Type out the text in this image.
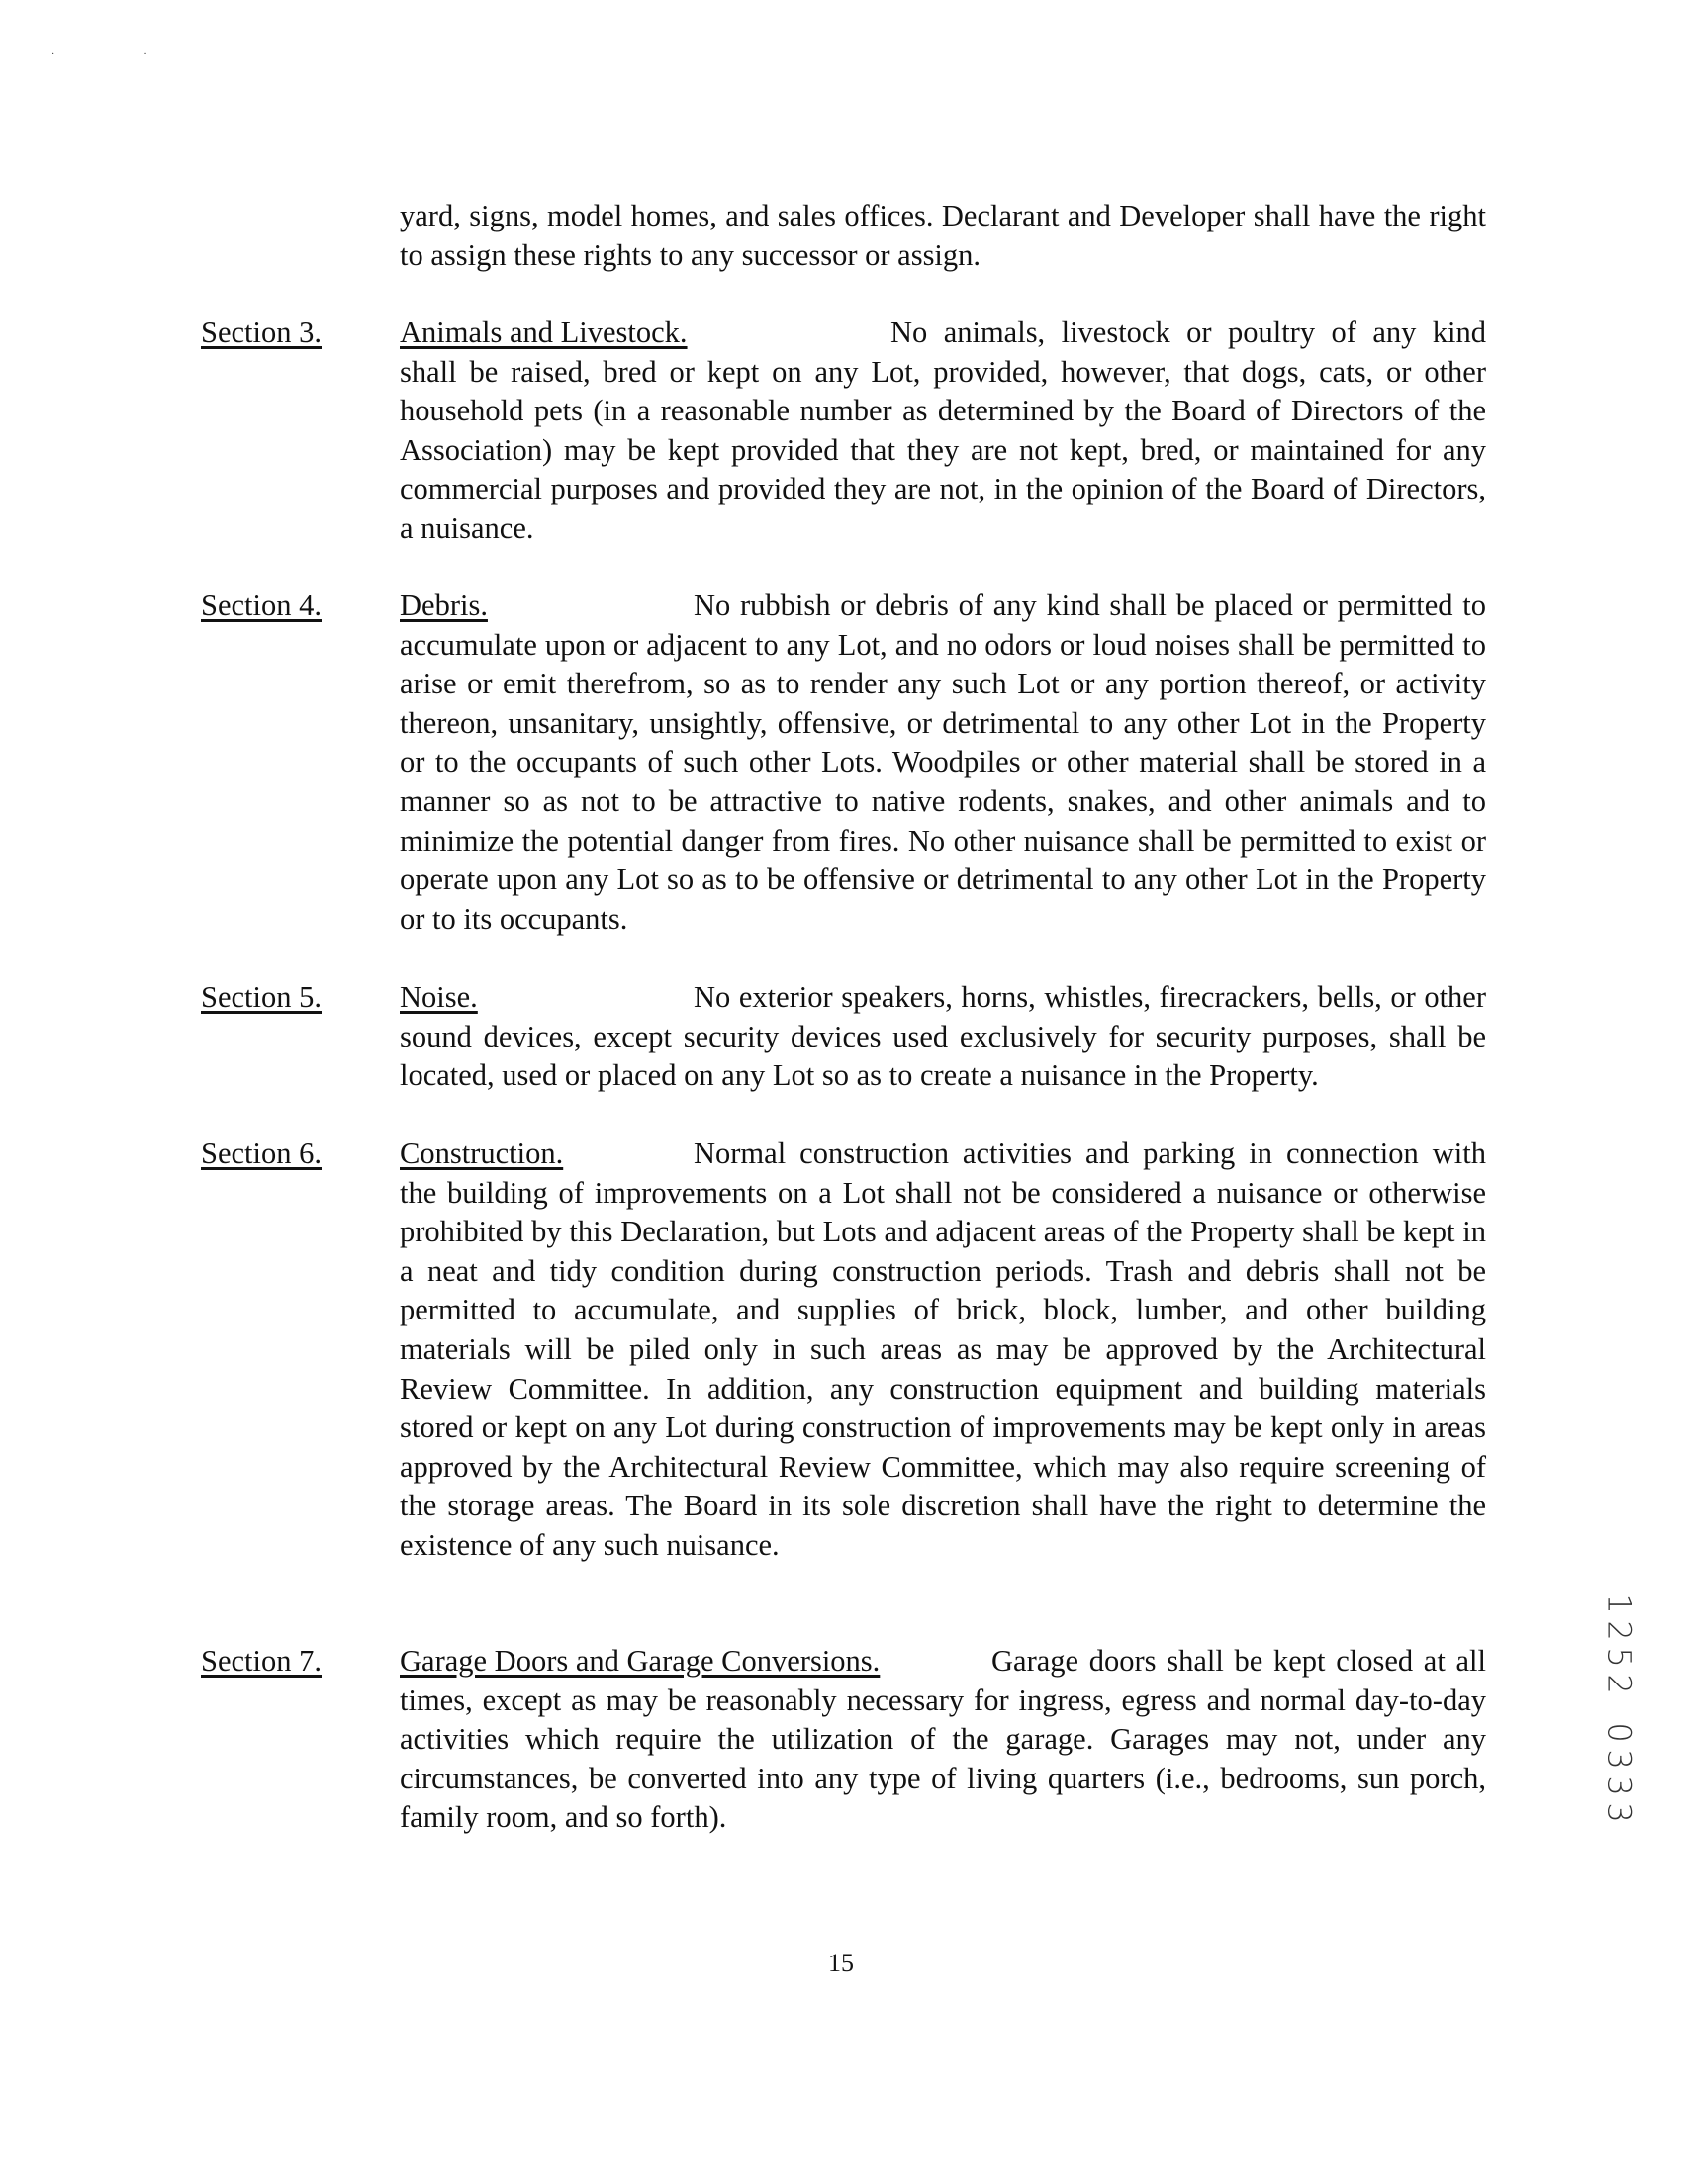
··

yard, signs, model homes, and sales offices. Declarant and Developer shall have the right to assign these rights to any successor or assign.

Section 3.	Animals and Livestock.	No animals, livestock or poultry of any kind shall be raised, bred or kept on any Lot, provided, however, that dogs, cats, or other household pets (in a reasonable number as determined by the Board of Directors of the Association) may be kept provided that they are not kept, bred, or maintained for any commercial purposes and provided they are not, in the opinion of the Board of Directors, a nuisance.

Section 4.	Debris.	No rubbish or debris of any kind shall be placed or permitted to accumulate upon or adjacent to any Lot, and no odors or loud noises shall be permitted to arise or emit therefrom, so as to render any such Lot or any portion thereof, or activity thereon, unsanitary, unsightly, offensive, or detrimental to any other Lot in the Property or to the occupants of such other Lots. Woodpiles or other material shall be stored in a manner so as not to be attractive to native rodents, snakes, and other animals and to minimize the potential danger from fires. No other nuisance shall be permitted to exist or operate upon any Lot so as to be offensive or detrimental to any other Lot in the Property or to its occupants.

Section 5.	Noise.	No exterior speakers, horns, whistles, firecrackers, bells, or other sound devices, except security devices used exclusively for security purposes, shall be located, used or placed on any Lot so as to create a nuisance in the Property.

Section 6.	Construction.	Normal construction activities and parking in connection with the building of improvements on a Lot shall not be considered a nuisance or otherwise prohibited by this Declaration, but Lots and adjacent areas of the Property shall be kept in a neat and tidy condition during construction periods. Trash and debris shall not be permitted to accumulate, and supplies of brick, block, lumber, and other building materials will be piled only in such areas as may be approved by the Architectural Review Committee. In addition, any construction equipment and building materials stored or kept on any Lot during construction of improvements may be kept only in areas approved by the Architectural Review Committee, which may also require screening of the storage areas. The Board in its sole discretion shall have the right to determine the existence of any such nuisance.

Section 7.	Garage Doors and Garage Conversions.	Garage doors shall be kept closed at all times, except as may be reasonably necessary for ingress, egress and normal day-to-day activities which require the utilization of the garage. Garages may not, under any circumstances, be converted into any type of living quarters (i.e., bedrooms, sun porch, family room, and so forth).

15
1
2
5
2
0
3
3
3
